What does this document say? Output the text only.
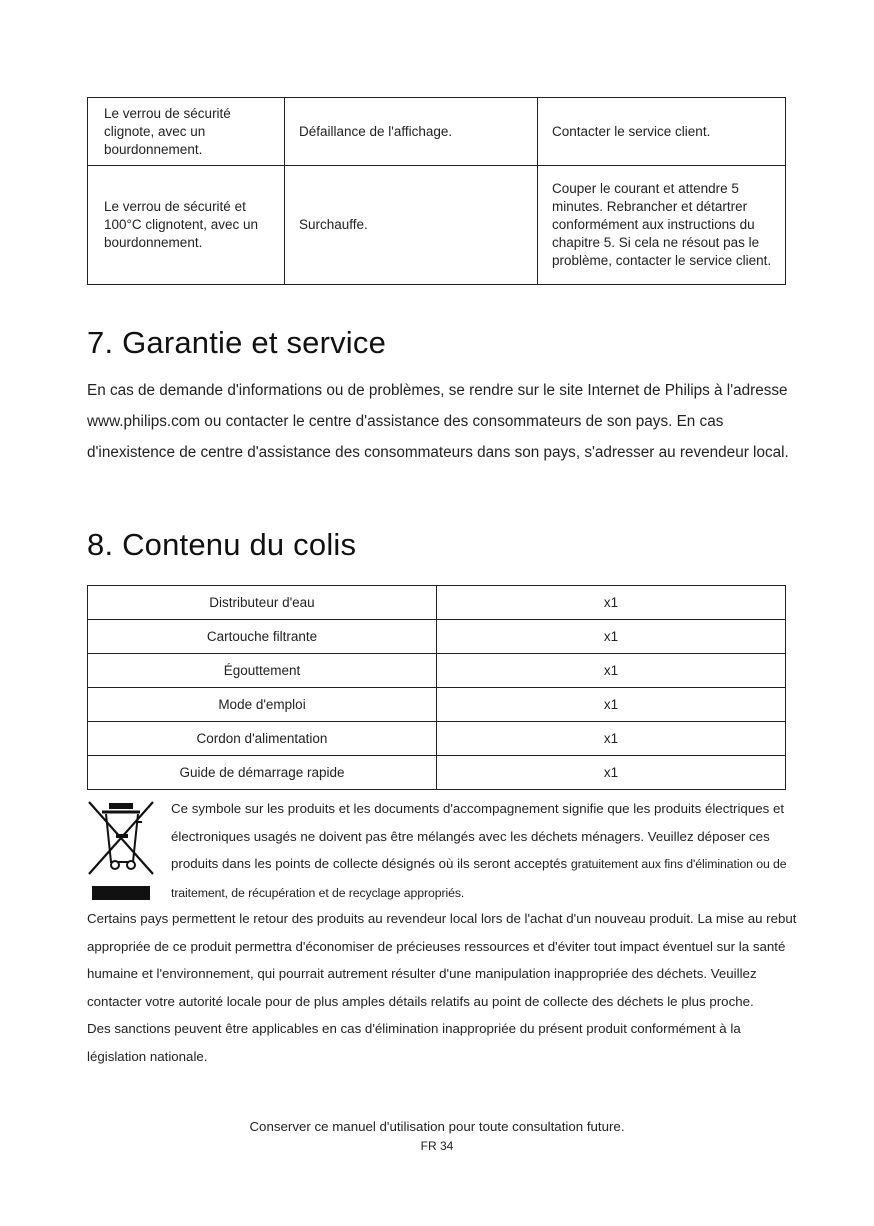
Le verrou de sécurité clignote, avec un bourdonnement.	Défaillance de l'affichage.	Contacter le service client.
Le verrou de sécurité et 100°C clignotent, avec un bourdonnement.	Surchauffe.	Couper le courant et attendre 5 minutes. Rebrancher et détartrer conformément aux instructions du chapitre 5. Si cela ne résout pas le problème, contacter le service client.
7. Garantie et service
En cas de demande d'informations ou de problèmes, se rendre sur le site Internet de Philips à l'adresse www.philips.com ou contacter le centre d'assistance des consommateurs de son pays. En cas d'inexistence de centre d'assistance des consommateurs dans son pays, s'adresser au revendeur local.
8. Contenu du colis
Distributeur d'eau	x1
Cartouche filtrante	x1
Égouttement	x1
Mode d'emploi	x1
Cordon d'alimentation	x1
Guide de démarrage rapide	x1
Ce symbole sur les produits et les documents d'accompagnement signifie que les produits électriques et électroniques usagés ne doivent pas être mélangés avec les déchets ménagers. Veuillez déposer ces produits dans les points de collecte désignés où ils seront acceptés gratuitement aux fins d'élimination ou de traitement, de récupération et de recyclage appropriés.
Certains pays permettent le retour des produits au revendeur local lors de l'achat d'un nouveau produit. La mise au rebut appropriée de ce produit permettra d'économiser de précieuses ressources et d'éviter tout impact éventuel sur la santé humaine et l'environnement, qui pourrait autrement résulter d'une manipulation inappropriée des déchets. Veuillez contacter votre autorité locale pour de plus amples détails relatifs au point de collecte des déchets le plus proche.
Des sanctions peuvent être applicables en cas d'élimination inappropriée du présent produit conformément à la législation nationale.
Conserver ce manuel d'utilisation pour toute consultation future.
FR 34
